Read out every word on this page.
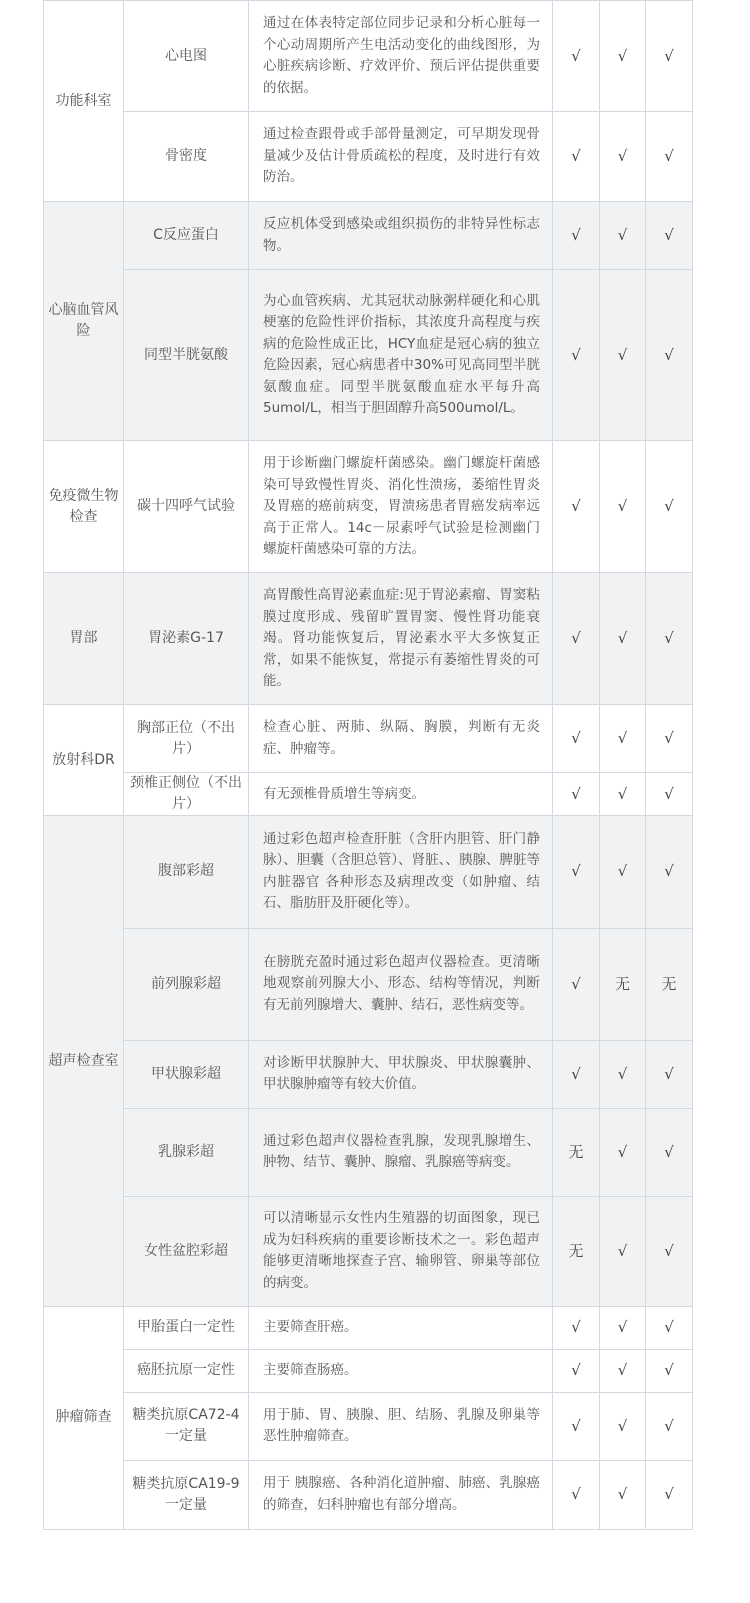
功能科室	心电图	通过在体表特定部位同步记录和分析心脏每一个心动周期所产生电活动变化的曲线图形，为心脏疾病诊断、疗效评价、预后评估提供重要的依据。	√	√	√
	骨密度	通过检查跟骨或手部骨量测定，可早期发现骨量减少及估计骨质疏松的程度，及时进行有效防治。	√	√	√
心脑血管风险	C反应蛋白	反应机体受到感染或组织损伤的非特异性标志物。	√	√	√
	同型半胱氨酸	为心血管疾病、尤其冠状动脉粥样硬化和心肌梗塞的危险性评价指标，其浓度升高程度与疾病的危险性成正比，HCY血症是冠心病的独立危险因素，冠心病患者中30%可见高同型半胱氨酸血症。同型半胱氨酸血症水平每升高5umol/L，相当于胆固醇升高500umol/L。	√	√	√
免疫微生物检查	碳十四呼气试验	用于诊断幽门螺旋杆菌感染。幽门螺旋杆菌感染可导致慢性胃炎、消化性溃疡，萎缩性胃炎及胃癌的癌前病变，胃溃疡患者胃癌发病率远高于正常人。14c－尿素呼气试验是检测幽门螺旋杆菌感染可靠的方法。	√	√	√
胃部	胃泌素G-17	高胃酸性高胃泌素血症:见于胃泌素瘤、胃窦粘膜过度形成、残留旷置胃窦、慢性肾功能衰竭。肾功能恢复后，胃泌素水平大多恢复正常，如果不能恢复，常提示有萎缩性胃炎的可能。	√	√	√
放射科DR	胸部正位（不出片）	检查心脏、两肺、纵隔、胸膜，判断有无炎症、肿瘤等。	√	√	√
	颈椎正侧位（不出片）	有无颈椎骨质增生等病变。	√	√	√
超声检查室	腹部彩超	通过彩色超声检查肝脏（含肝内胆管、肝门静脉）、胆囊（含胆总管）、肾脏、、胰腺、脾脏等内脏器官 各种形态及病理改变（如肿瘤、结石、脂肪肝及肝硬化等）。	√	√	√
	前列腺彩超	在膀胱充盈时通过彩色超声仪器检查。更清晰地观察前列腺大小、形态、结构等情况，判断有无前列腺增大、囊肿、结石，恶性病变等。	√	无	无
	甲状腺彩超	对诊断甲状腺肿大、甲状腺炎、甲状腺囊肿、甲状腺肿瘤等有较大价值。	√	√	√
	乳腺彩超	通过彩色超声仪器检查乳腺，发现乳腺增生、肿物、结节、囊肿、腺瘤、乳腺癌等病变。	无	√	√
	女性盆腔彩超	可以清晰显示女性内生殖器的切面图象，现已成为妇科疾病的重要诊断技术之一。彩色超声能够更清晰地探查子宫、输卵管、卵巢等部位的病变。	无	√	√
肿瘤筛查	甲胎蛋白一定性	主要筛查肝癌。	√	√	√
	癌胚抗原一定性	主要筛查肠癌。	√	√	√
	糖类抗原CA72-4一定量	用于肺、胃、胰腺、胆、结肠、乳腺及卵巢等恶性肿瘤筛查。	√	√	√
	糖类抗原CA19-9一定量	用于 胰腺癌、各种消化道肿瘤、肺癌、乳腺癌的筛查，妇科肿瘤也有部分增高。	√	√	√
